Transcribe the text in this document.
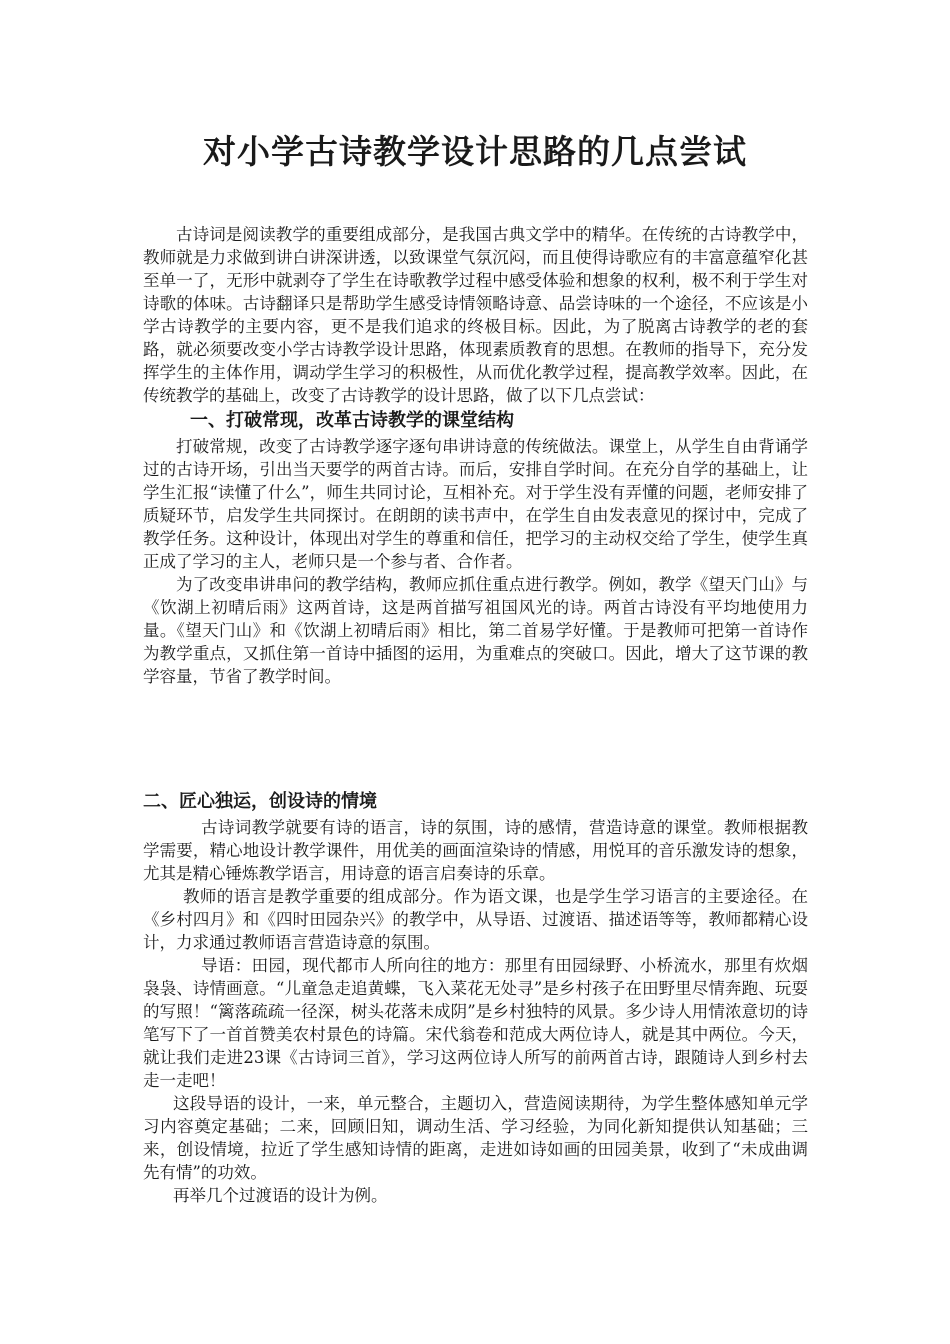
对小学古诗教学设计思路的几点尝试

古诗词是阅读教学的重要组成部分，是我国古典文学中的精华。在传统的古诗教学中，教师就是力求做到讲白讲深讲透，以致课堂气氛沉闷，而且使得诗歌应有的丰富意蕴窄化甚至单一了，无形中就剥夺了学生在诗歌教学过程中感受体验和想象的权利，极不利于学生对诗歌的体味。古诗翻译只是帮助学生感受诗情领略诗意、品尝诗味的一个途径，不应该是小学古诗教学的主要内容，更不是我们追求的终极目标。因此，为了脱离古诗教学的老的套路，就必须要改变小学古诗教学设计思路，体现素质教育的思想。在教师的指导下，充分发挥学生的主体作用，调动学生学习的积极性，从而优化教学过程，提高教学效率。因此，在传统教学的基础上，改变了古诗教学的设计思路，做了以下几点尝试：

一、打破常现，改革古诗教学的课堂结构

打破常规，改变了古诗教学逐字逐句串讲诗意的传统做法。课堂上，从学生自由背诵学过的古诗开场，引出当天要学的两首古诗。而后，安排自学时间。在充分自学的基础上，让学生汇报“读懂了什么”，师生共同讨论，互相补充。对于学生没有弄懂的问题，老师安排了质疑环节，启发学生共同探讨。在朗朗的读书声中，在学生自由发表意见的探讨中，完成了教学任务。这种设计，体现出对学生的尊重和信任，把学习的主动权交给了学生，使学生真正成了学习的主人，老师只是一个参与者、合作者。

为了改变串讲串问的教学结构，教师应抓住重点进行教学。例如，教学《望天门山》与《饮湖上初晴后雨》这两首诗，这是两首描写祖国风光的诗。两首古诗没有平均地使用力量。《望天门山》和《饮湖上初晴后雨》相比，第二首易学好懂。于是教师可把第一首诗作为教学重点，又抓住第一首诗中插图的运用，为重难点的突破口。因此，增大了这节课的教学容量，节省了教学时间。

二、匠心独运，创设诗的情境

古诗词教学就要有诗的语言，诗的氛围，诗的感情，营造诗意的课堂。教师根据教学需要，精心地设计教学课件，用优美的画面渲染诗的情感，用悦耳的音乐激发诗的想象，尤其是精心锤炼教学语言，用诗意的语言启奏诗的乐章。

教师的语言是教学重要的组成部分。作为语文课，也是学生学习语言的主要途径。在《乡村四月》和《四时田园杂兴》的教学中，从导语、过渡语、描述语等等，教师都精心设计，力求通过教师语言营造诗意的氛围。

导语：田园，现代都市人所向往的地方：那里有田园绿野、小桥流水，那里有炊烟袅袅、诗情画意。“儿童急走追黄蝶，飞入菜花无处寻”是乡村孩子在田野里尽情奔跑、玩耍的写照！“篱落疏疏一径深，树头花落未成阴”是乡村独特的风景。多少诗人用情浓意切的诗笔写下了一首首赞美农村景色的诗篇。宋代翁卷和范成大两位诗人，就是其中两位。今天，就让我们走进23课《古诗词三首》，学习这两位诗人所写的前两首古诗，跟随诗人到乡村去走一走吧！

这段导语的设计，一来，单元整合，主题切入，营造阅读期待，为学生整体感知单元学习内容奠定基础；二来，回顾旧知，调动生活、学习经验，为同化新知提供认知基础；三来，创设情境，拉近了学生感知诗情的距离，走进如诗如画的田园美景，收到了“未成曲调先有情”的功效。

再举几个过渡语的设计为例。
